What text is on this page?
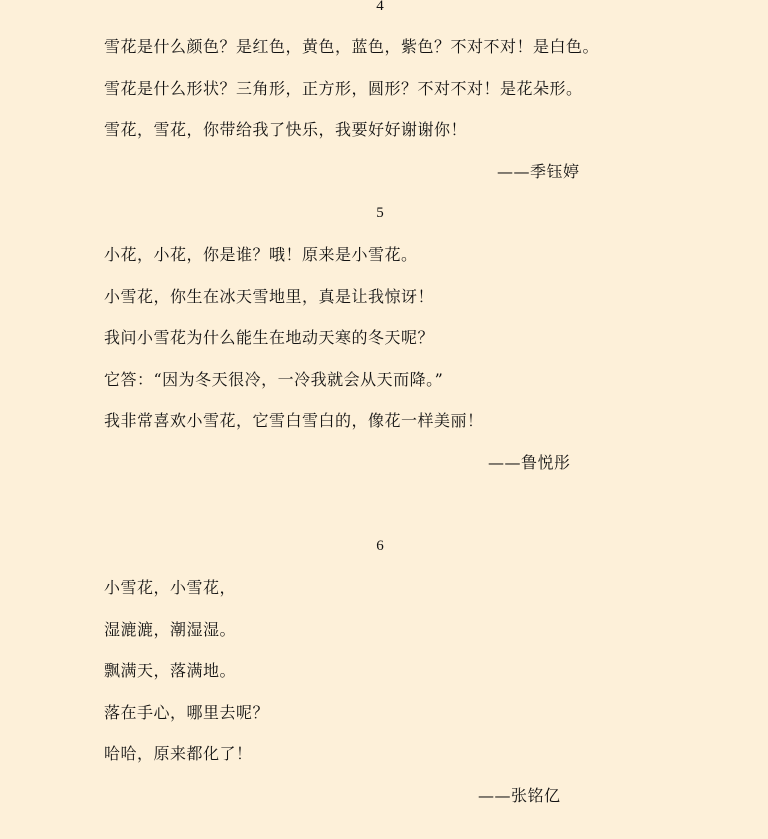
4
雪花是什么颜色？是红色，黄色，蓝色，紫色？不对不对！是白色。
雪花是什么形状？三角形，正方形，圆形？不对不对！是花朵形。
雪花，雪花，你带给我了快乐，我要好好谢谢你！
——季钰婷
5
小花，小花，你是谁？哦！原来是小雪花。
小雪花，你生在冰天雪地里，真是让我惊讶！
我问小雪花为什么能生在地动天寒的冬天呢？
它答：“因为冬天很冷，一冷我就会从天而降。”
我非常喜欢小雪花，它雪白雪白的，像花一样美丽！
——鲁悦彤
6
小雪花，小雪花，
湿漉漉，潮湿湿。
飘满天，落满地。
落在手心，哪里去呢？
哈哈，原来都化了！
——张铭亿
